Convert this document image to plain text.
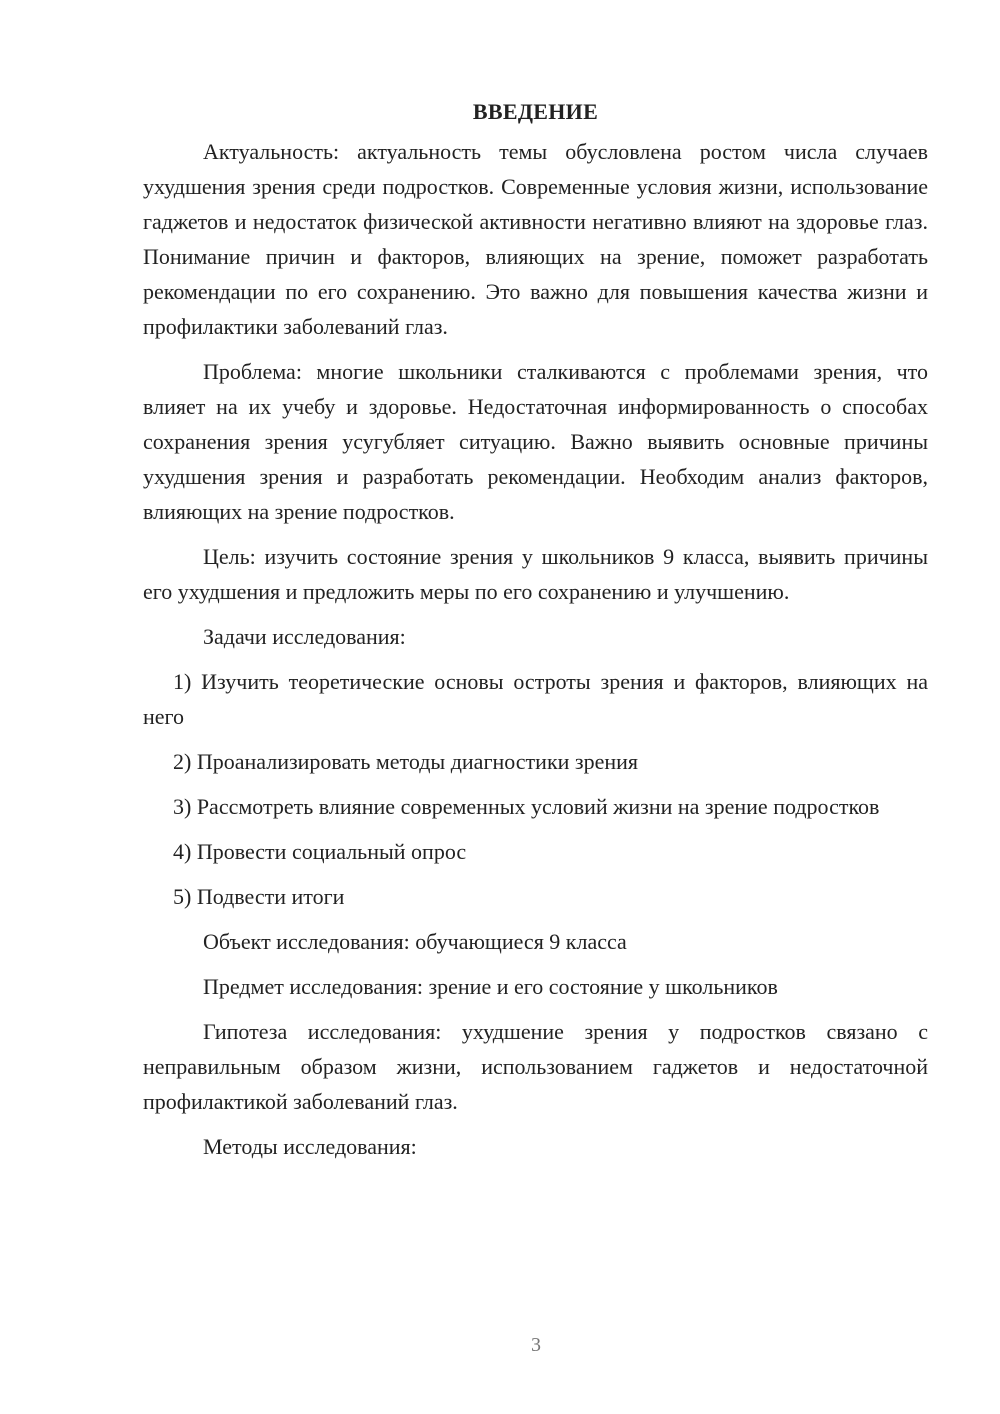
ВВЕДЕНИЕ

Актуальность: актуальность темы обусловлена ростом числа случаев ухудшения зрения среди подростков. Современные условия жизни, использование гаджетов и недостаток физической активности негативно влияют на здоровье глаз. Понимание причин и факторов, влияющих на зрение, поможет разработать рекомендации по его сохранению. Это важно для повышения качества жизни и профилактики заболеваний глаз.

Проблема: многие школьники сталкиваются с проблемами зрения, что влияет на их учебу и здоровье. Недостаточная информированность о способах сохранения зрения усугубляет ситуацию. Важно выявить основные причины ухудшения зрения и разработать рекомендации. Необходим анализ факторов, влияющих на зрение подростков.

Цель: изучить состояние зрения у школьников 9 класса, выявить причины его ухудшения и предложить меры по его сохранению и улучшению.

Задачи исследования:

1) Изучить теоретические основы остроты зрения и факторов, влияющих на него

2) Проанализировать методы диагностики зрения

3) Рассмотреть влияние современных условий жизни на зрение подростков

4) Провести социальный опрос

5) Подвести итоги

Объект исследования: обучающиеся 9 класса

Предмет исследования: зрение и его состояние у школьников

Гипотеза исследования: ухудшение зрения у подростков связано с неправильным образом жизни, использованием гаджетов и недостаточной профилактикой заболеваний глаз.

Методы исследования:

3
